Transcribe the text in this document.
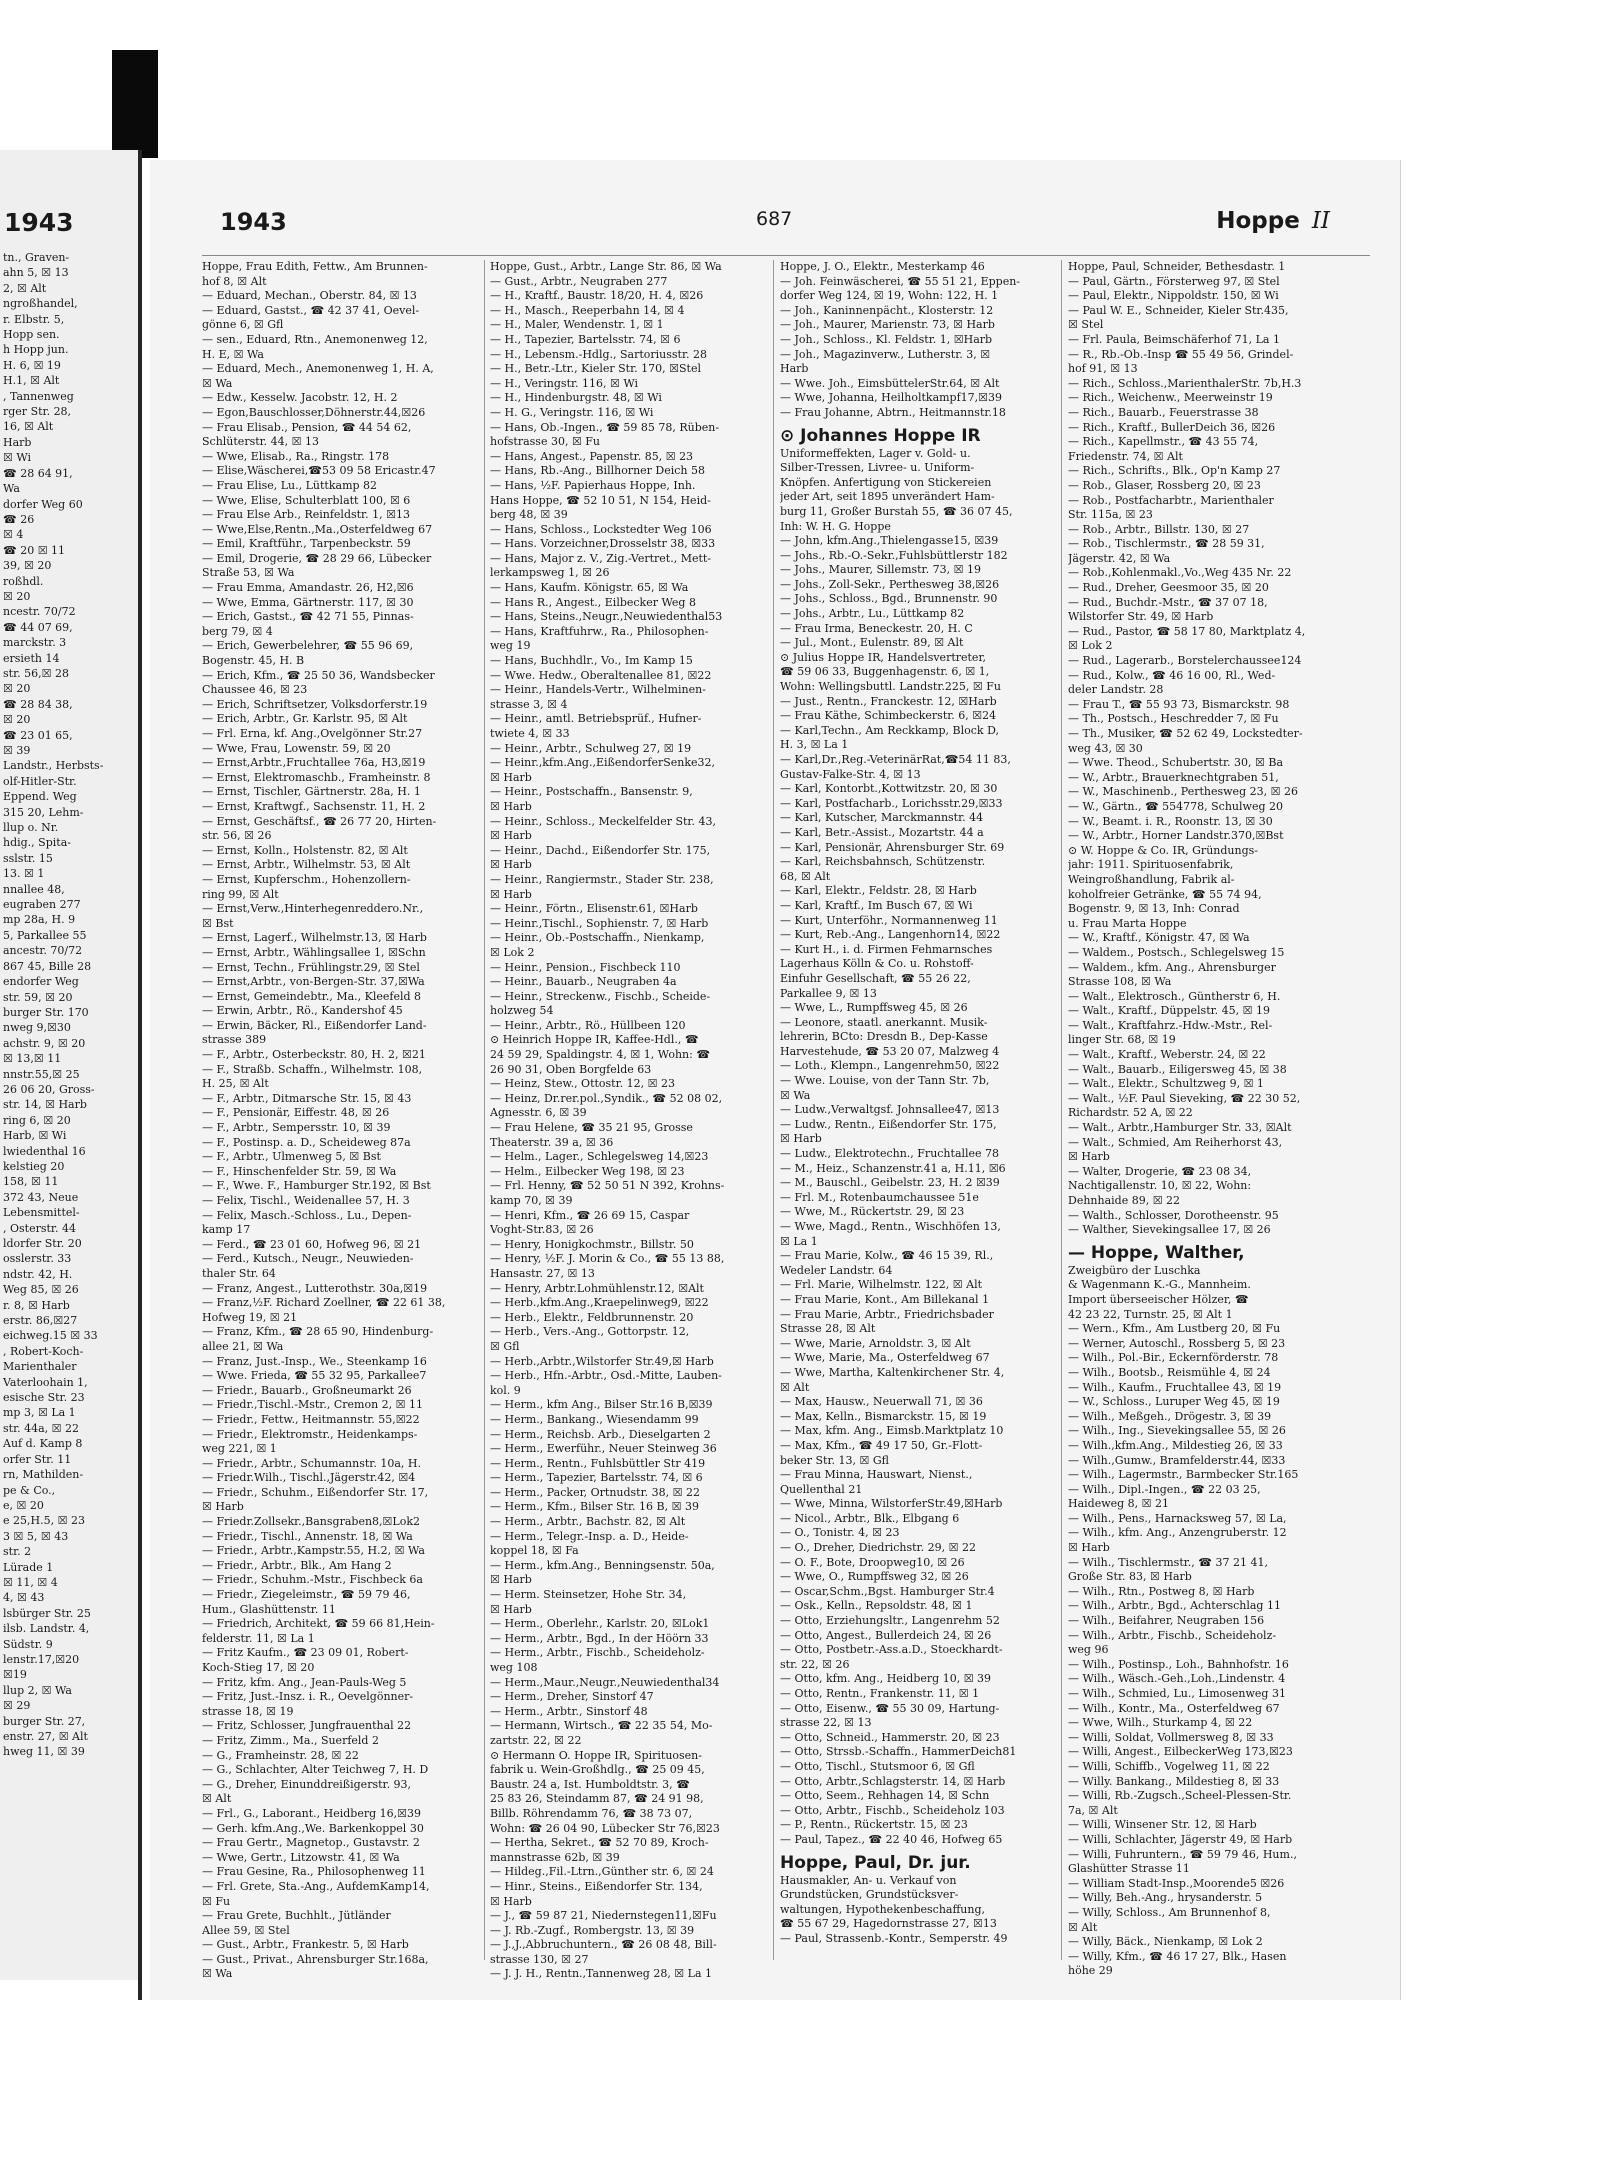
1943
tn., Graven-
ahn 5, ☒ 13
2, ☒ Alt
ngroßhandel,
r. Elbstr. 5,
Hopp sen.
h Hopp jun.
H. 6, ☒ 19
H.1, ☒ Alt
, Tannenweg
rger Str. 28,
16, ☒ Alt
Harb
☒ Wi
☎ 28 64 91,
Wa
dorfer Weg 60
☎ 26
☒ 4
☎ 20 ☒ 11
39, ☒ 20
roßhdl.
☒ 20
ncestr. 70/72
☎ 44 07 69,
marckstr. 3
ersieth 14
str. 56,☒ 28
☒ 20
☎ 28 84 38,
☒ 20
☎ 23 01 65,
☒ 39
Landstr., Herbsts-
olf-Hitler-Str.
Eppend. Weg
315 20, Lehm-
llup o. Nr.
hdig., Spita-
sslstr. 15
13. ☒ 1
nnallee 48,
eugraben 277
mp 28a, H. 9
5, Parkallee 55
ancestr. 70/72
867 45, Bille 28
endorfer Weg
str. 59, ☒ 20
burger Str. 170
nweg 9,☒30
achstr. 9, ☒ 20
☒ 13,☒ 11
nnstr.55,☒ 25
26 06 20, Gross-
str. 14, ☒ Harb
ring 6, ☒ 20
Harb, ☒ Wi
lwiedenthal 16
kelstieg 20
158, ☒ 11
372 43, Neue
Lebensmittel-
, Osterstr. 44
ldorfer Str. 20
osslerstr. 33
ndstr. 42, H.
Weg 85, ☒ 26
r. 8, ☒ Harb
erstr. 86,☒27
eichweg.15 ☒ 33
, Robert-Koch-
Marienthaler
Vaterloohain 1,
esische Str. 23
mp 3, ☒ La 1
str. 44a, ☒ 22
Auf d. Kamp 8
orfer Str. 11
rn, Mathilden-
pe & Co.,
e, ☒ 20
e 25,H.5, ☒ 23
3 ☒ 5, ☒ 43
str. 2
Lürade 1
☒ 11, ☒ 4
4, ☒ 43
lsbürger Str. 25
ilsb. Landstr. 4,
Südstr. 9
lenstr.17,☒20
☒19
llup 2, ☒ Wa
☒ 29
burger Str. 27,
enstr. 27, ☒ Alt
hweg 11, ☒ 39
1943	687	Hoppe II
Hoppe, Frau Edith, Fettw., Am Brunnen-
hof 8, ☒ Alt
— Eduard, Mechan., Oberstr. 84, ☒ 13
— Eduard, Gastst., ☎ 42 37 41, Oevel-
gönne 6, ☒ Gfl
— sen., Eduard, Rtn., Anemonenweg 12,
H. E, ☒ Wa
— Eduard, Mech., Anemonenweg 1, H. A,
☒ Wa
— Edw., Kesselw. Jacobstr. 12, H. 2
— Egon,Bauschlosser,Döhnerstr.44,☒26
— Frau Elisab., Pension, ☎ 44 54 62,
Schlüterstr. 44, ☒ 13
— Wwe, Elisab., Ra., Ringstr. 178
— Elise,Wäscherei,☎53 09 58 Ericastr.47
— Frau Elise, Lu., Lüttkamp 82
— Wwe, Elise, Schulterblatt 100, ☒ 6
— Frau Else Arb., Reinfeldstr. 1, ☒13
— Wwe,Else,Rentn.,Ma.,Osterfeldweg 67
— Emil, Kraftführ., Tarpenbeckstr. 59
— Emil, Drogerie, ☎ 28 29 66, Lübecker
Straße 53, ☒ Wa
— Frau Emma, Amandastr. 26, H2,☒6
— Wwe, Emma, Gärtnerstr. 117, ☒ 30
— Erich, Gastst., ☎ 42 71 55, Pinnas-
berg 79, ☒ 4
— Erich, Gewerbelehrer, ☎ 55 96 69,
Bogenstr. 45, H. B
— Erich, Kfm., ☎ 25 50 36, Wandsbecker
Chaussee 46, ☒ 23
— Erich, Schriftsetzer, Volksdorferstr.19
— Erich, Arbtr., Gr. Karlstr. 95, ☒ Alt
— Frl. Erna, kf. Ang.,Ovelgönner Str.27
— Wwe, Frau, Lowenstr. 59, ☒ 20
— Ernst,Arbtr.,Fruchtallee 76a, H3,☒19
— Ernst, Elektromaschb., Framheinstr. 8
— Ernst, Tischler, Gärtnerstr. 28a, H. 1
— Ernst, Kraftwgf., Sachsenstr. 11, H. 2
— Ernst, Geschäftsf., ☎ 26 77 20, Hirten-
str. 56, ☒ 26
— Ernst, Kolln., Holstenstr. 82, ☒ Alt
— Ernst, Arbtr., Wilhelmstr. 53, ☒ Alt
— Ernst, Kupferschm., Hohenzollern-
ring 99, ☒ Alt
— Ernst,Verw.,Hinterhegenreddero.Nr.,
☒ Bst
— Ernst, Lagerf., Wilhelmstr.13, ☒ Harb
— Ernst, Arbtr., Wählingsallee 1, ☒Schn
— Ernst, Techn., Frühlingstr.29, ☒ Stel
— Ernst,Arbtr., von-Bergen-Str. 37,☒Wa
— Ernst, Gemeindebtr., Ma., Kleefeld 8
— Erwin, Arbtr., Rö., Kandershof 45
— Erwin, Bäcker, Rl., Eißendorfer Land-
strasse 389
— F., Arbtr., Osterbeckstr. 80, H. 2, ☒21
— F., Straßb. Schaffn., Wilhelmstr. 108,
H. 25, ☒ Alt
— F., Arbtr., Ditmarsche Str. 15, ☒ 43
— F., Pensionär, Eiffestr. 48, ☒ 26
— F., Arbtr., Sempersstr. 10, ☒ 39
— F., Postinsp. a. D., Scheideweg 87a
— F., Arbtr., Ulmenweg 5, ☒ Bst
— F., Hinschenfelder Str. 59, ☒ Wa
— F., Wwe. F., Hamburger Str.192, ☒ Bst
— Felix, Tischl., Weidenallee 57, H. 3
— Felix, Masch.-Schloss., Lu., Depen-
kamp 17
— Ferd., ☎ 23 01 60, Hofweg 96, ☒ 21
— Ferd., Kutsch., Neugr., Neuwieden-
thaler Str. 64
— Franz, Angest., Lutterothstr. 30a,☒19
— Franz,½F. Richard Zoellner, ☎ 22 61 38,
Hofweg 19, ☒ 21
— Franz, Kfm., ☎ 28 65 90, Hindenburg-
allee 21, ☒ Wa
— Franz, Just.-Insp., We., Steenkamp 16
— Wwe. Frieda, ☎ 55 32 95, Parkallee7
— Friedr., Bauarb., Großneumarkt 26
— Friedr.,Tischl.-Mstr., Cremon 2, ☒ 11
— Friedr., Fettw., Heitmannstr. 55,☒22
— Friedr., Elektromstr., Heidenkamps-
weg 221, ☒ 1
— Friedr., Arbtr., Schumannstr. 10a, H.
— Friedr.Wilh., Tischl.,Jägerstr.42, ☒4
— Friedr., Schuhm., Eißendorfer Str. 17,
☒ Harb
— Friedr.Zollsekr.,Bansgraben8,☒Lok2
— Friedr., Tischl., Annenstr. 18, ☒ Wa
— Friedr., Arbtr.,Kampstr.55, H.2, ☒ Wa
— Friedr., Arbtr., Blk., Am Hang 2
— Friedr., Schuhm.-Mstr., Fischbeck 6a
— Friedr., Ziegeleimstr., ☎ 59 79 46,
Hum., Glashüttenstr. 11
— Friedrich, Architekt, ☎ 59 66 81,Hein-
felderstr. 11, ☒ La 1
— Fritz Kaufm., ☎ 23 09 01, Robert-
Koch-Stieg 17, ☒ 20
— Fritz, kfm. Ang., Jean-Pauls-Weg 5
— Fritz, Just.-Insz. i. R., Oevelgönner-
strasse 18, ☒ 19
— Fritz, Schlosser, Jungfrauenthal 22
— Fritz, Zimm., Ma., Suerfeld 2
— G., Framheinstr. 28, ☒ 22
— G., Schlachter, Alter Teichweg 7, H. D
— G., Dreher, Einunddreißigerstr. 93,
☒ Alt
— Frl., G., Laborant., Heidberg 16,☒39
— Gerh. kfm.Ang.,We. Barkenkoppel 30
— Frau Gertr., Magnetop., Gustavstr. 2
— Wwe, Gertr., Litzowstr. 41, ☒ Wa
— Frau Gesine, Ra., Philosophenweg 11
— Frl. Grete, Sta.-Ang., AufdemKamp14,
☒ Fu
— Frau Grete, Buchhlt., Jütländer
Allee 59, ☒ Stel
— Gust., Arbtr., Frankestr. 5, ☒ Harb
— Gust., Privat., Ahrensburger Str.168a,
☒ Wa
Hoppe, Gust., Arbtr., Lange Str. 86, ☒ Wa
— Gust., Arbtr., Neugraben 277
— H., Kraftf., Baustr. 18/20, H. 4, ☒26
— H., Masch., Reeperbahn 14, ☒ 4
— H., Maler, Wendenstr. 1, ☒ 1
— H., Tapezier, Bartelsstr. 74, ☒ 6
— H., Lebensm.-Hdlg., Sartoriusstr. 28
— H., Betr.-Ltr., Kieler Str. 170, ☒Stel
— H., Veringstr. 116, ☒ Wi
— H., Hindenburgstr. 48, ☒ Wi
— H. G., Veringstr. 116, ☒ Wi
— Hans, Ob.-Ingen., ☎ 59 85 78, Rüben-
hofstrasse 30, ☒ Fu
— Hans, Angest., Papenstr. 85, ☒ 23
— Hans, Rb.-Ang., Billhorner Deich 58
— Hans, ½F. Papierhaus Hoppe, Inh.
Hans Hoppe, ☎ 52 10 51, N 154, Heid-
berg 48, ☒ 39
— Hans, Schloss., Lockstedter Weg 106
— Hans. Vorzeichner,Drosselstr 38, ☒33
— Hans, Major z. V., Zig.-Vertret., Mett-
lerkampsweg 1, ☒ 26
— Hans, Kaufm. Königstr. 65, ☒ Wa
— Hans R., Angest., Eilbecker Weg 8
— Hans, Steins.,Neugr.,Neuwiedenthal53
— Hans, Kraftfuhrw., Ra., Philosophen-
weg 19
— Hans, Buchhdlr., Vo., Im Kamp 15
— Wwe. Hedw., Oberaltenallee 81, ☒22
— Heinr., Handels-Vertr., Wilhelminen-
strasse 3, ☒ 4
— Heinr., amtl. Betriebsprüf., Hufner-
twiete 4, ☒ 33
— Heinr., Arbtr., Schulweg 27, ☒ 19
— Heinr.,kfm.Ang.,EißendorferSenke32,
☒ Harb
— Heinr., Postschaffn., Bansenstr. 9,
☒ Harb
— Heinr., Schloss., Meckelfelder Str. 43,
☒ Harb
— Heinr., Dachd., Eißendorfer Str. 175,
☒ Harb
— Heinr., Rangiermstr., Stader Str. 238,
☒ Harb
— Heinr., Förtn., Elisenstr.61, ☒Harb
— Heinr.,Tischl., Sophienstr. 7, ☒ Harb
— Heinr., Ob.-Postschaffn., Nienkamp,
☒ Lok 2
— Heinr., Pension., Fischbeck 110
— Heinr., Bauarb., Neugraben 4a
— Heinr., Streckenw., Fischb., Scheide-
holzweg 54
— Heinr., Arbtr., Rö., Hüllbeen 120
⊙ Heinrich Hoppe IR, Kaffee-Hdl., ☎
24 59 29, Spaldingstr. 4, ☒ 1, Wohn: ☎
26 90 31, Oben Borgfelde 63
— Heinz, Stew., Ottostr. 12, ☒ 23
— Heinz, Dr.rer.pol.,Syndik., ☎ 52 08 02,
Agnesstr. 6, ☒ 39
— Frau Helene, ☎ 35 21 95, Grosse
Theaterstr. 39 a, ☒ 36
— Helm., Lager., Schlegelsweg 14,☒23
— Helm., Eilbecker Weg 198, ☒ 23
— Frl. Henny, ☎ 52 50 51 N 392, Krohns-
kamp 70, ☒ 39
— Henri, Kfm., ☎ 26 69 15, Caspar
Voght-Str.83, ☒ 26
— Henry, Honigkochmstr., Billstr. 50
— Henry, ½F. J. Morin & Co., ☎ 55 13 88,
Hansastr. 27, ☒ 13
— Henry, Arbtr.Lohmühlenstr.12, ☒Alt
— Herb.,kfm.Ang.,Kraepelinweg9, ☒22
— Herb., Elektr., Feldbrunnenstr. 20
— Herb., Vers.-Ang., Gottorpstr. 12,
☒ Gfl
— Herb.,Arbtr.,Wilstorfer Str.49,☒ Harb
— Herb., Hfn.-Arbtr., Osd.-Mitte, Lauben-
kol. 9
— Herm., kfm Ang., Bilser Str.16 B,☒39
— Herm., Bankang., Wiesendamm 99
— Herm., Reichsb. Arb., Dieselgarten 2
— Herm., Ewerführ., Neuer Steinweg 36
— Herm., Rentn., Fuhlsbüttler Str 419
— Herm., Tapezier, Bartelsstr. 74, ☒ 6
— Herm., Packer, Ortnudstr. 38, ☒ 22
— Herm., Kfm., Bilser Str. 16 B, ☒ 39
— Herm., Arbtr., Bachstr. 82, ☒ Alt
— Herm., Telegr.-Insp. a. D., Heide-
koppel 18, ☒ Fa
— Herm., kfm.Ang., Benningsenstr. 50a,
☒ Harb
— Herm. Steinsetzer, Hohe Str. 34,
☒ Harb
— Herm., Oberlehr., Karlstr. 20, ☒Lok1
— Herm., Arbtr., Bgd., In der Höörn 33
— Herm., Arbtr., Fischb., Scheideholz-
weg 108
— Herm.,Maur.,Neugr.,Neuwiedenthal34
— Herm., Dreher, Sinstorf 47
— Herm., Arbtr., Sinstorf 48
— Hermann, Wirtsch., ☎ 22 35 54, Mo-
zartstr. 22, ☒ 22
⊙ Hermann O. Hoppe IR, Spirituosen-
fabrik u. Wein-Großhdlg., ☎ 25 09 45,
Baustr. 24 a, Ist. Humboldtstr. 3, ☎
25 83 26, Steindamm 87, ☎ 24 91 98,
Billb. Röhrendamm 76, ☎ 38 73 07,
Wohn: ☎ 26 04 90, Lübecker Str 76,☒23
— Hertha, Sekret., ☎ 52 70 89, Kroch-
mannstrasse 62b, ☒ 39
— Hildeg.,Fil.-Ltrn.,Günther str. 6, ☒ 24
— Hinr., Steins., Eißendorfer Str. 134,
☒ Harb
— J., ☎ 59 87 21, Niedernstegen11,☒Fu
— J. Rb.-Zugf., Rombergstr. 13, ☒ 39
— J.,J.,Abbruchuntern., ☎ 26 08 48, Bill-
strasse 130, ☒ 27
— J. J. H., Rentn.,Tannenweg 28, ☒ La 1
Hoppe, J. O., Elektr., Mesterkamp 46
— Joh. Feinwäscherei, ☎ 55 51 21, Eppen-
dorfer Weg 124, ☒ 19, Wohn: 122, H. 1
— Joh., Kaninnenpächt., Klosterstr. 12
— Joh., Maurer, Marienstr. 73, ☒ Harb
— Joh., Schloss., Kl. Feldstr. 1, ☒Harb
— Joh., Magazinverw., Lutherstr. 3, ☒
Harb
— Wwe. Joh., EimsbüttelerStr.64, ☒ Alt
— Wwe, Johanna, Heilholtkampf17,☒39
— Frau Johanne, Abtrn., Heitmannstr.18
⊙ Johannes Hoppe IR
Uniformeffekten, Lager v. Gold- u.
Silber-Tressen, Livree- u. Uniform-
Knöpfen. Anfertigung von Stickereien
jeder Art, seit 1895 unverändert Ham-
burg 11, Großer Burstah 55, ☎ 36 07 45,
Inh: W. H. G. Hoppe
— John, kfm.Ang.,Thielengasse15, ☒39
— Johs., Rb.-O.-Sekr.,Fuhlsbüttlerstr 182
— Johs., Maurer, Sillemstr. 73, ☒ 19
— Johs., Zoll-Sekr., Perthesweg 38,☒26
— Johs., Schloss., Bgd., Brunnenstr. 90
— Johs., Arbtr., Lu., Lüttkamp 82
— Frau Irma, Beneckestr. 20, H. C
— Jul., Mont., Eulenstr. 89, ☒ Alt
⊙ Julius Hoppe IR, Handelsvertreter,
☎ 59 06 33, Buggenhagenstr. 6, ☒ 1,
Wohn: Wellingsbuttl. Landstr.225, ☒ Fu
— Just., Rentn., Franckestr. 12, ☒Harb
— Frau Käthe, Schimbeckerstr. 6, ☒24
— Karl,Techn., Am Reckkamp, Block D,
H. 3, ☒ La 1
— Karl,Dr.,Reg.-VeterinärRat,☎54 11 83,
Gustav-Falke-Str. 4, ☒ 13
— Karl, Kontorbt.,Kottwitzstr. 20, ☒ 30
— Karl, Postfacharb., Lorichsstr.29,☒33
— Karl, Kutscher, Marckmannstr. 44
— Karl, Betr.-Assist., Mozartstr. 44 a
— Karl, Pensionär, Ahrensburger Str. 69
— Karl, Reichsbahnsch, Schützenstr.
68, ☒ Alt
— Karl, Elektr., Feldstr. 28, ☒ Harb
— Karl, Kraftf., Im Busch 67, ☒ Wi
— Kurt, Unterföhr., Normannenweg 11
— Kurt, Reb.-Ang., Langenhorn14, ☒22
— Kurt H., i. d. Firmen Fehmarnsches
Lagerhaus Kölln & Co. u. Rohstoff-
Einfuhr Gesellschaft, ☎ 55 26 22,
Parkallee 9, ☒ 13
— Wwe, L., Rumpffsweg 45, ☒ 26
— Leonore, staatl. anerkannt. Musik-
lehrerin, BCto: Dresdn B., Dep-Kasse
Harvestehude, ☎ 53 20 07, Malzweg 4
— Loth., Klempn., Langenrehm50, ☒22
— Wwe. Louise, von der Tann Str. 7b,
☒ Wa
— Ludw.,Verwaltgsf. Johnsallee47, ☒13
— Ludw., Rentn., Eißendorfer Str. 175,
☒ Harb
— Ludw., Elektrotechn., Fruchtallee 78
— M., Heiz., Schanzenstr.41 a, H.11, ☒6
— M., Bauschl., Geibelstr. 23, H. 2 ☒39
— Frl. M., Rotenbaumchaussee 51e
— Wwe, M., Rückertstr. 29, ☒ 23
— Wwe, Magd., Rentn., Wischhöfen 13,
☒ La 1
— Frau Marie, Kolw., ☎ 46 15 39, Rl.,
Wedeler Landstr. 64
— Frl. Marie, Wilhelmstr. 122, ☒ Alt
— Frau Marie, Kont., Am Billekanal 1
— Frau Marie, Arbtr., Friedrichsbader
Strasse 28, ☒ Alt
— Wwe, Marie, Arnoldstr. 3, ☒ Alt
— Wwe, Marie, Ma., Osterfeldweg 67
— Wwe, Martha, Kaltenkirchener Str. 4,
☒ Alt
— Max, Hausw., Neuerwall 71, ☒ 36
— Max, Kelln., Bismarckstr. 15, ☒ 19
— Max, kfm. Ang., Eimsb.Marktplatz 10
— Max, Kfm., ☎ 49 17 50, Gr.-Flott-
beker Str. 13, ☒ Gfl
— Frau Minna, Hauswart, Nienst.,
Quellenthal 21
— Wwe, Minna, WilstorferStr.49,☒Harb
— Nicol., Arbtr., Blk., Elbgang 6
— O., Tonistr. 4, ☒ 23
— O., Dreher, Diedrichstr. 29, ☒ 22
— O. F., Bote, Droopweg10, ☒ 26
— Wwe, O., Rumpffsweg 32, ☒ 26
— Oscar,Schm.,Bgst. Hamburger Str.4
— Osk., Kelln., Repsoldstr. 48, ☒ 1
— Otto, Erziehungsltr., Langenrehm 52
— Otto, Angest., Bullerdeich 24, ☒ 26
— Otto, Postbetr.-Ass.a.D., Stoeckhardt-
str. 22, ☒ 26
— Otto, kfm. Ang., Heidberg 10, ☒ 39
— Otto, Rentn., Frankenstr. 11, ☒ 1
— Otto, Eisenw., ☎ 55 30 09, Hartung-
strasse 22, ☒ 13
— Otto, Schneid., Hammerstr. 20, ☒ 23
— Otto, Strssb.-Schaffn., HammerDeich81
— Otto, Tischl., Stutsmoor 6, ☒ Gfl
— Otto, Arbtr.,Schlagsterstr. 14, ☒ Harb
— Otto, Seem., Rehhagen 14, ☒ Schn
— Otto, Arbtr., Fischb., Scheideholz 103
— P., Rentn., Rückertstr. 15, ☒ 23
— Paul, Tapez., ☎ 22 40 46, Hofweg 65
Hoppe, Paul, Dr. jur.
Hausmakler, An- u. Verkauf von
Grundstücken, Grundstücksver-
waltungen, Hypothekenbeschaffung,
☎ 55 67 29, Hagedornstrasse 27, ☒13
— Paul, Strassenb.-Kontr., Semperstr. 49
Hoppe, Paul, Schneider, Bethesdastr. 1
— Paul, Gärtn., Försterweg 97, ☒ Stel
— Paul, Elektr., Nippoldstr. 150, ☒ Wi
— Paul W. E., Schneider, Kieler Str.435,
☒ Stel
— Frl. Paula, Beimschäferhof 71, La 1
— R., Rb.-Ob.-Insp ☎ 55 49 56, Grindel-
hof 91, ☒ 13
— Rich., Schloss.,MarienthalerStr. 7b,H.3
— Rich., Weichenw., Meerweinstr 19
— Rich., Bauarb., Feuerstrasse 38
— Rich., Kraftf., BullerDeich 36, ☒26
— Rich., Kapellmstr., ☎ 43 55 74,
Friedenstr. 74, ☒ Alt
— Rich., Schrifts., Blk., Op'n Kamp 27
— Rob., Glaser, Rossberg 20, ☒ 23
— Rob., Postfacharbtr., Marienthaler
Str. 115a, ☒ 23
— Rob., Arbtr., Billstr. 130, ☒ 27
— Rob., Tischlermstr., ☎ 28 59 31,
Jägerstr. 42, ☒ Wa
— Rob.,Kohlenmakl.,Vo.,Weg 435 Nr. 22
— Rud., Dreher, Geesmoor 35, ☒ 20
— Rud., Buchdr.-Mstr., ☎ 37 07 18,
Wilstorfer Str. 49, ☒ Harb
— Rud., Pastor, ☎ 58 17 80, Marktplatz 4,
☒ Lok 2
— Rud., Lagerarb., Borstelerchaussee124
— Rud., Kolw., ☎ 46 16 00, Rl., Wed-
deler Landstr. 28
— Frau T., ☎ 55 93 73, Bismarckstr. 98
— Th., Postsch., Heschredder 7, ☒ Fu
— Th., Musiker, ☎ 52 62 49, Lockstedter-
weg 43, ☒ 30
— Wwe. Theod., Schubertstr. 30, ☒ Ba
— W., Arbtr., Brauerknechtgraben 51,
— W., Maschinenb., Perthesweg 23, ☒ 26
— W., Gärtn., ☎ 554778, Schulweg 20
— W., Beamt. i. R., Roonstr. 13, ☒ 30
— W., Arbtr., Horner Landstr.370,☒Bst
⊙ W. Hoppe & Co. IR, Gründungs-
jahr: 1911. Spirituosenfabrik,
Weingroßhandlung, Fabrik al-
koholfreier Getränke, ☎ 55 74 94,
Bogenstr. 9, ☒ 13, Inh: Conrad
u. Frau Marta Hoppe
— W., Kraftf., Königstr. 47, ☒ Wa
— Waldem., Postsch., Schlegelsweg 15
— Waldem., kfm. Ang., Ahrensburger
Strasse 108, ☒ Wa
— Walt., Elektrosch., Güntherstr 6, H.
— Walt., Kraftf., Düppelstr. 45, ☒ 19
— Walt., Kraftfahrz.-Hdw.-Mstr., Rel-
linger Str. 68, ☒ 19
— Walt., Kraftf., Weberstr. 24, ☒ 22
— Walt., Bauarb., Eiligersweg 45, ☒ 38
— Walt., Elektr., Schultzweg 9, ☒ 1
— Walt., ½F. Paul Sieveking, ☎ 22 30 52,
Richardstr. 52 A, ☒ 22
— Walt., Arbtr.,Hamburger Str. 33, ☒Alt
— Walt., Schmied, Am Reiherhorst 43,
☒ Harb
— Walter, Drogerie, ☎ 23 08 34,
Nachtigallenstr. 10, ☒ 22, Wohn:
Dehnhaide 89, ☒ 22
— Walth., Schlosser, Dorotheenstr. 95
— Walther, Sievekingsallee 17, ☒ 26
— Hoppe, Walther,
Zweigbüro der Luschka
& Wagenmann K.-G., Mannheim.
Import überseeischer Hölzer, ☎
42 23 22, Turnstr. 25, ☒ Alt 1
— Wern., Kfm., Am Lustberg 20, ☒ Fu
— Werner, Autoschl., Rossberg 5, ☒ 23
— Wilh., Pol.-Bir., Eckernförderstr. 78
— Wilh., Bootsb., Reismühle 4, ☒ 24
— Wilh., Kaufm., Fruchtallee 43, ☒ 19
— W., Schloss., Luruper Weg 45, ☒ 19
— Wilh., Meßgeh., Drögestr. 3, ☒ 39
— Wilh., Ing., Sievekingsallee 55, ☒ 26
— Wilh.,kfm.Ang., Mildestieg 26, ☒ 33
— Wilh.,Gumw., Bramfelderstr.44, ☒33
— Wilh., Lagermstr., Barmbecker Str.165
— Wilh., Dipl.-Ingen., ☎ 22 03 25,
Haideweg 8, ☒ 21
— Wilh., Pens., Harnacksweg 57, ☒ La,
— Wilh., kfm. Ang., Anzengruberstr. 12
☒ Harb
— Wilh., Tischlermstr., ☎ 37 21 41,
Große Str. 83, ☒ Harb
— Wilh., Rtn., Postweg 8, ☒ Harb
— Wilh., Arbtr., Bgd., Achterschlag 11
— Wilh., Beifahrer, Neugraben 156
— Wilh., Arbtr., Fischb., Scheideholz-
weg 96
— Wilh., Postinsp., Loh., Bahnhofstr. 16
— Wilh., Wäsch.-Geh.,Loh.,Lindenstr. 4
— Wilh., Schmied, Lu., Limosenweg 31
— Wilh., Kontr., Ma., Osterfeldweg 67
— Wwe, Wilh., Sturkamp 4, ☒ 22
— Willi, Soldat, Vollmersweg 8, ☒ 33
— Willi, Angest., EilbeckerWeg 173,☒23
— Willi, Schiffb., Vogelweg 11, ☒ 22
— Willy. Bankang., Mildestieg 8, ☒ 33
— Willi, Rb.-Zugsch.,Scheel-Plessen-Str.
7a, ☒ Alt
— Willi, Winsener Str. 12, ☒ Harb
— Willi, Schlachter, Jägerstr 49, ☒ Harb
— Willi, Fuhruntern., ☎ 59 79 46, Hum.,
Glashütter Strasse 11
— William Stadt-Insp.,Moorende5 ☒26
— Willy, Beh.-Ang., hrysanderstr. 5
— Willy, Schloss., Am Brunnenhof 8,
☒ Alt
— Willy, Bäck., Nienkamp, ☒ Lok 2
— Willy, Kfm., ☎ 46 17 27, Blk., Hasen
höhe 29
